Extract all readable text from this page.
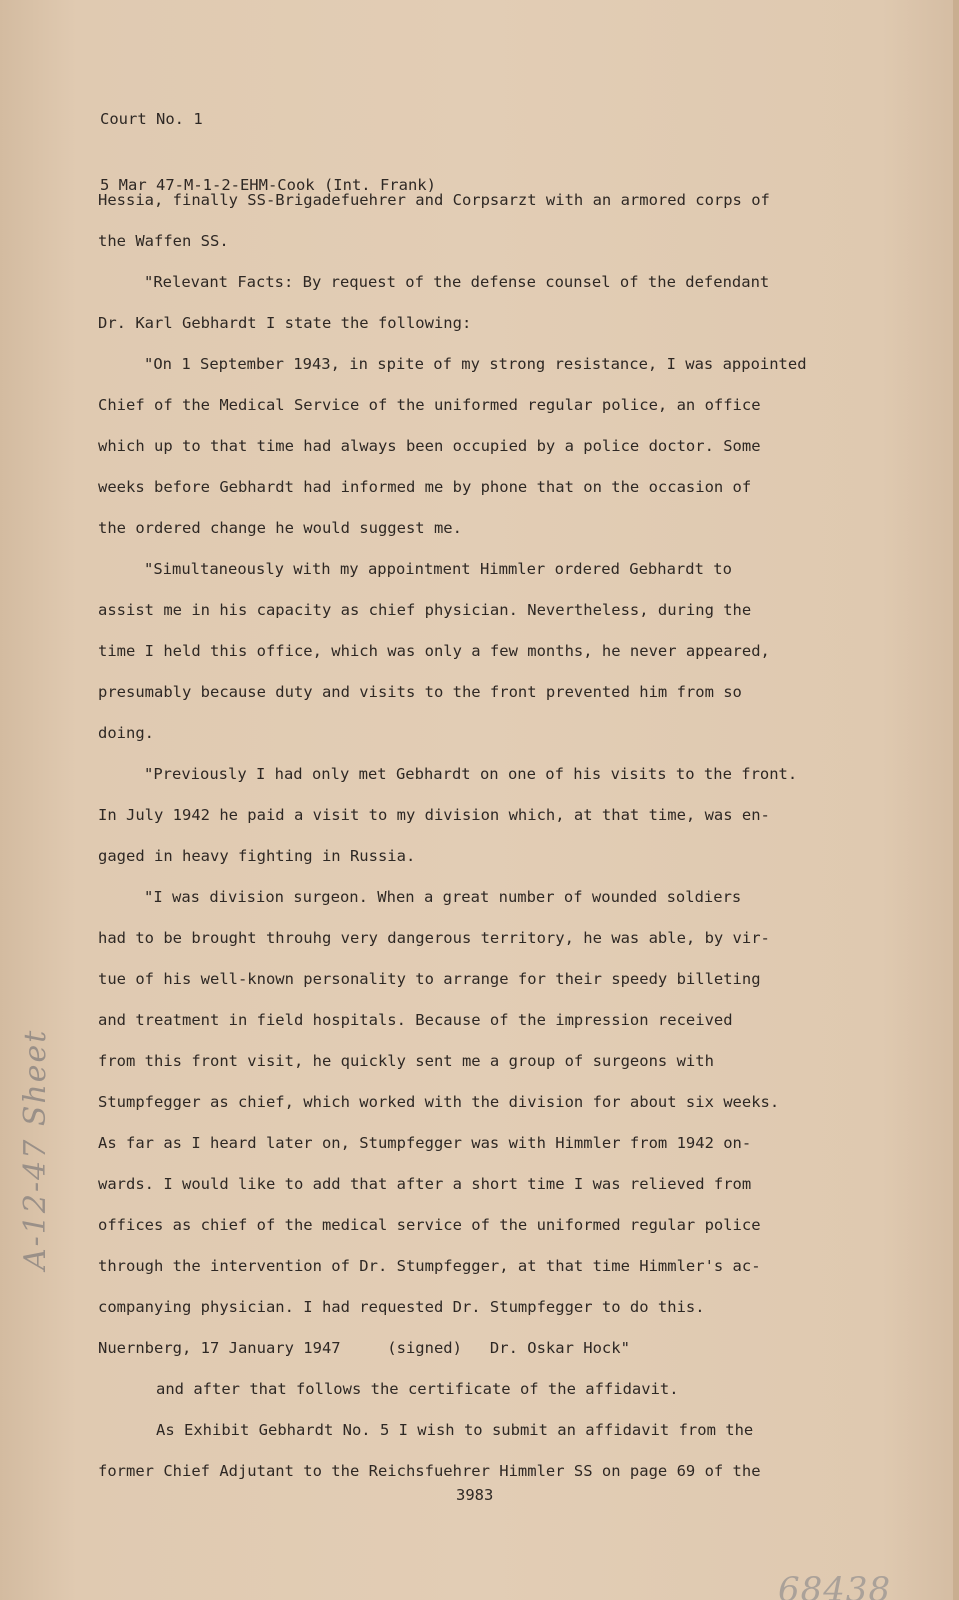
Court No. 1

5 Mar 47-M-1-2-EHM-Cook (Int. Frank)

Hessia, finally SS-Brigadefuehrer and Corpsarzt with an armored corps of
the Waffen SS.
"Relevant Facts: By request of the defense counsel of the defendant
Dr. Karl Gebhardt I state the following:
"On 1 September 1943, in spite of my strong resistance, I was appointed
Chief of the Medical Service of the uniformed regular police, an office
which up to that time had always been occupied by a police doctor. Some
weeks before Gebhardt had informed me by phone that on the occasion of
the ordered change he would suggest me.
"Simultaneously with my appointment Himmler ordered Gebhardt to
assist me in his capacity as chief physician. Nevertheless, during the
time I held this office, which was only a few months, he never appeared,
presumably because duty and visits to the front prevented him from so
doing.
"Previously I had only met Gebhardt on one of his visits to the front.
In July 1942 he paid a visit to my division which, at that time, was en-
gaged in heavy fighting in Russia.
"I was division surgeon. When a great number of wounded soldiers
had to be brought throuhg very dangerous territory, he was able, by vir-
tue of his well-known personality to arrange for their speedy billeting
and treatment in field hospitals. Because of the impression received
from this front visit, he quickly sent me a group of surgeons with
Stumpfegger as chief, which worked with the division for about six weeks.
As far as I heard later on, Stumpfegger was with Himmler from 1942 on-
wards. I would like to add that after a short time I was relieved from
offices as chief of the medical service of the uniformed regular police
through the intervention of Dr. Stumpfegger, at that time Himmler's ac-
companying physician. I had requested Dr. Stumpfegger to do this.
Nuernberg, 17 January 1947     (signed)   Dr. Oskar Hock"
and after that follows the certificate of the affidavit.
As Exhibit Gebhardt No. 5 I wish to submit an affidavit from the
former Chief Adjutant to the Reichsfuehrer Himmler SS on page 69 of the
3983
A-12-47 Sheet
68438
